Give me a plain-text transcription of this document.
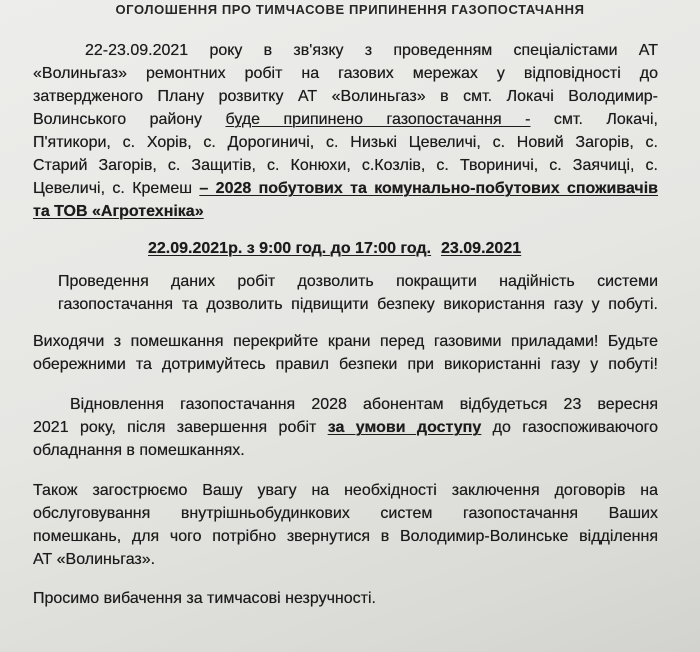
ОГОЛОШЕННЯ ПРО ТИМЧАСОВЕ ПРИПИНЕННЯ ГАЗОПОСТАЧАННЯ
22-23.09.2021 року в зв'язку з проведенням спеціалістами АТ
«Волиньгаз» ремонтних робіт на газових мережах у відповідності до
затвердженого Плану розвитку АТ «Волиньгаз» в смт. Локачі Володимир-
Волинського району буде припинено газопостачання - смт. Локачі,
П'ятикори, с. Хорів, с. Дорогиничі, с. Низькі Цевеличі, с. Новий Загорів, с.
Старий Загорів, с. Защитів, с. Конюхи, с.Козлів, с. Твориничі, с. Заячиці, с.
Цевеличі, с. Кремеш – 2028 побутових та комунально-побутових споживачів
та ТОВ «Агротехніка»
22.09.2021р. з 9:00 год. до 17:00 год. 23.09.2021
Проведення даних робіт дозволить покращити надійність системи
газопостачання та дозволить підвищити безпеку використання газу у побуті.
Виходячи з помешкання перекрийте крани перед газовими приладами! Будьте
обережними та дотримуйтесь правил безпеки при використанні газу у побуті!
Відновлення газопостачання 2028 абонентам відбудеться 23 вересня
2021 року, після завершення робіт за умови доступу до газоспоживаючого
обладнання в помешканнях.
Також загострюємо Вашу увагу на необхідності заключення договорів на
обслуговування внутрішньобудинкових систем газопостачання Ваших
помешкань, для чого потрібно звернутися в Володимир-Волинське відділення
АТ «Волиньгаз».
Просимо вибачення за тимчасові незручності.
